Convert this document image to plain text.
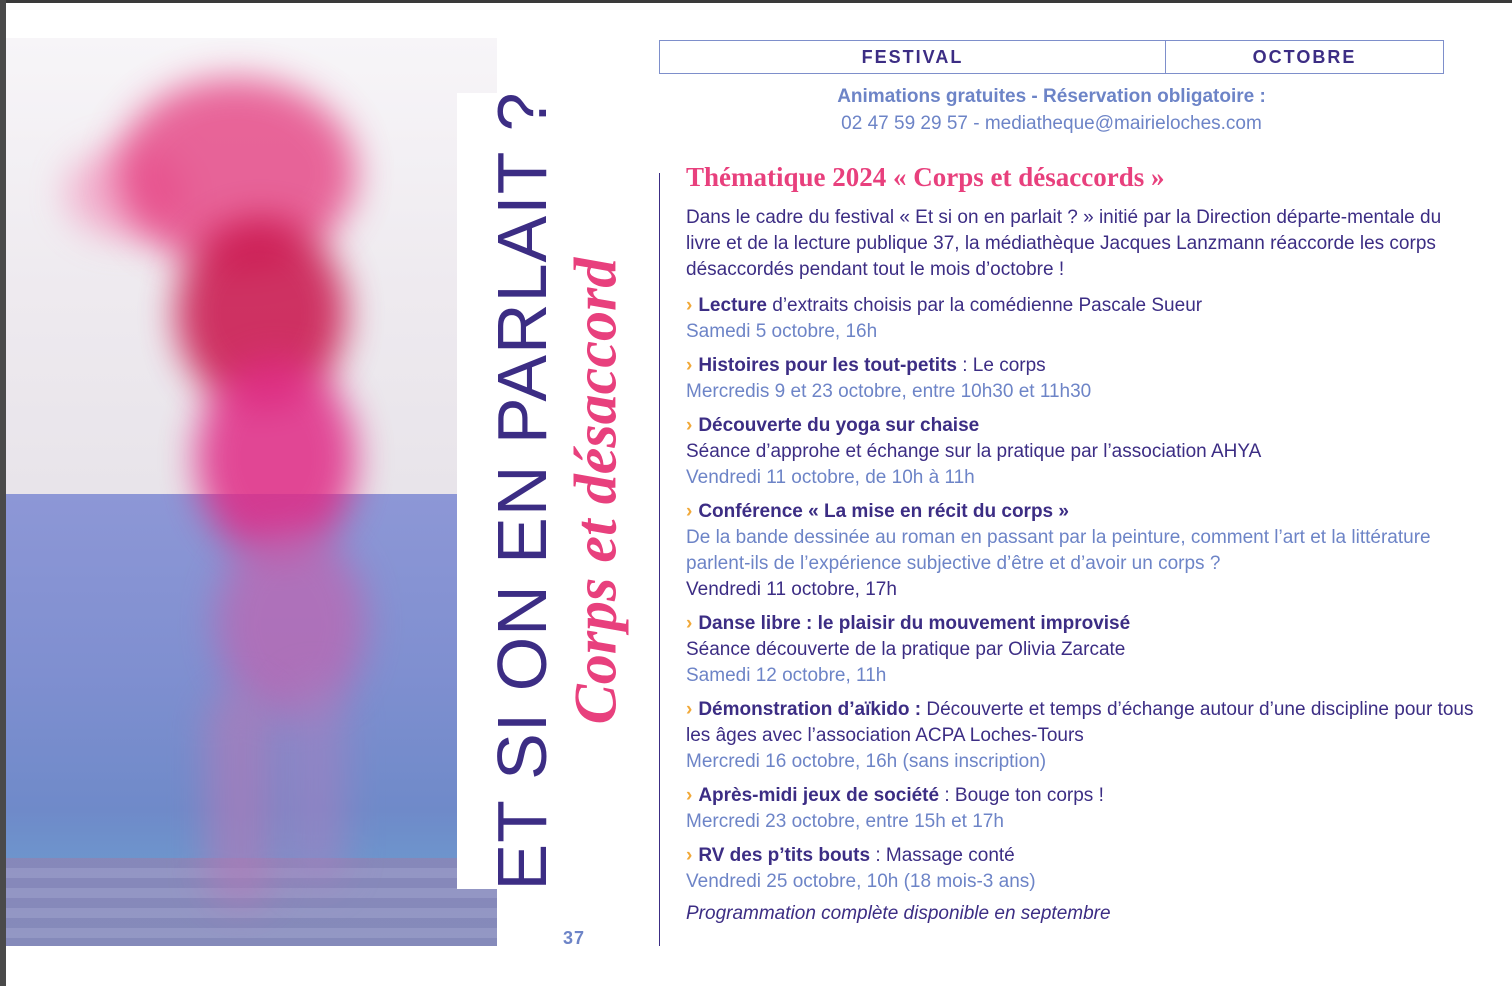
ET SI ON EN PARLAIT ? Corps et désaccord
37
FESTIVAL	OCTOBRE
Animations gratuites - Réservation obligatoire :
02 47 59 29 57 - mediatheque@mairieloches.com
Thématique 2024 « Corps et désaccords »
Dans le cadre du festival « Et si on en parlait ? » initié par la Direction départe-mentale du livre et de la lecture publique 37, la médiathèque Jacques Lanzmann réaccorde les corps désaccordés pendant tout le mois d’octobre !
› Lecture d’extraits choisis par la comédienne Pascale Sueur
Samedi 5 octobre, 16h
› Histoires pour les tout-petits : Le corps
Mercredis 9 et 23 octobre, entre 10h30 et 11h30
› Découverte du yoga sur chaise
Séance d’approhe et échange sur la pratique par l’association AHYA
Vendredi 11 octobre, de 10h à 11h
› Conférence « La mise en récit du corps »
De la bande dessinée au roman en passant par la peinture, comment l’art et la littérature parlent-ils de l’expérience subjective d’être et d’avoir un corps ?
Vendredi 11 octobre, 17h
› Danse libre : le plaisir du mouvement improvisé
Séance découverte de la pratique par Olivia Zarcate
Samedi 12 octobre, 11h
› Démonstration d’aïkido : Découverte et temps d’échange autour d’une discipline pour tous les âges avec l’association ACPA Loches-Tours
Mercredi 16 octobre, 16h (sans inscription)
› Après-midi jeux de société : Bouge ton corps !
Mercredi 23 octobre, entre 15h et 17h
› RV des p’tits bouts : Massage conté
Vendredi 25 octobre, 10h (18 mois-3 ans)
Programmation complète disponible en septembre
